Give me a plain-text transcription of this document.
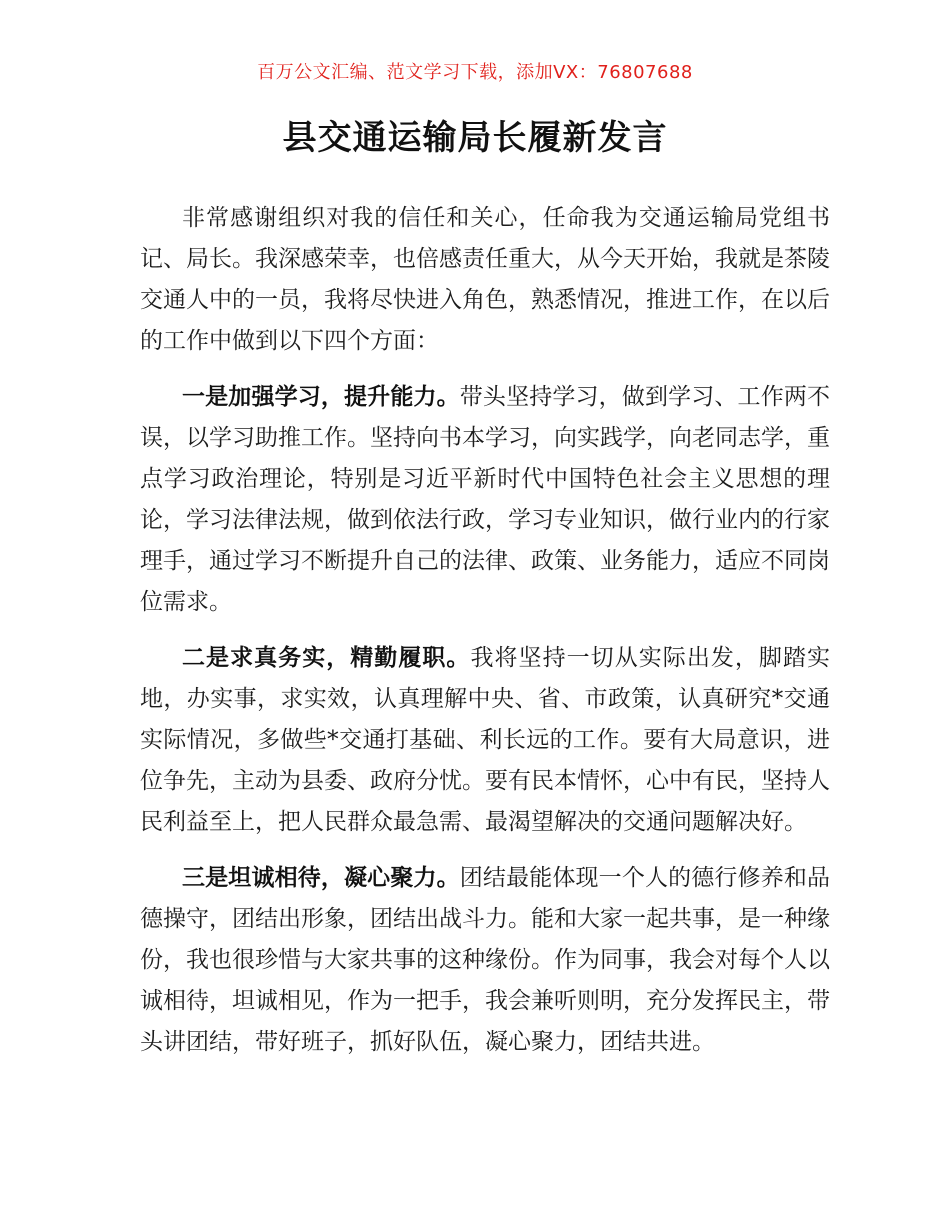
百万公文汇编、范文学习下载，添加VX：76807688
县交通运输局长履新发言

非常感谢组织对我的信任和关心，任命我为交通运输局党组书记、局长。我深感荣幸，也倍感责任重大，从今天开始，我就是茶陵交通人中的一员，我将尽快进入角色，熟悉情况，推进工作，在以后的工作中做到以下四个方面：

一是加强学习，提升能力。带头坚持学习，做到学习、工作两不误，以学习助推工作。坚持向书本学习，向实践学，向老同志学，重点学习政治理论，特别是习近平新时代中国特色社会主义思想的理论，学习法律法规，做到依法行政，学习专业知识，做行业内的行家理手，通过学习不断提升自己的法律、政策、业务能力，适应不同岗位需求。

二是求真务实，精勤履职。我将坚持一切从实际出发，脚踏实地，办实事，求实效，认真理解中央、省、市政策，认真研究*交通实际情况，多做些*交通打基础、利长远的工作。要有大局意识，进位争先，主动为县委、政府分忧。要有民本情怀，心中有民，坚持人民利益至上，把人民群众最急需、最渴望解决的交通问题解决好。

三是坦诚相待，凝心聚力。团结最能体现一个人的德行修养和品德操守，团结出形象，团结出战斗力。能和大家一起共事，是一种缘份，我也很珍惜与大家共事的这种缘份。作为同事，我会对每个人以诚相待，坦诚相见，作为一把手，我会兼听则明，充分发挥民主，带头讲团结，带好班子，抓好队伍，凝心聚力，团结共进。
